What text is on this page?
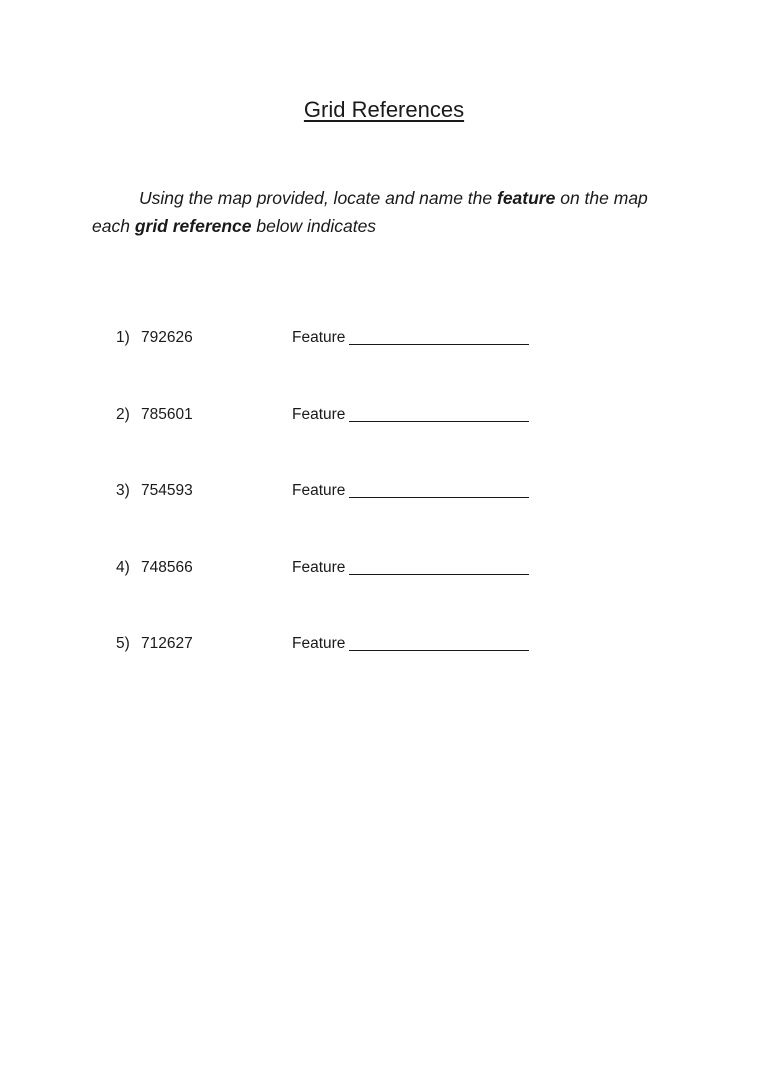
Grid References

Using the map provided, locate and name the feature on the map each grid reference below indicates

1) 792626	Feature
2) 785601	Feature
3) 754593	Feature
4) 748566	Feature
5) 712627	Feature
